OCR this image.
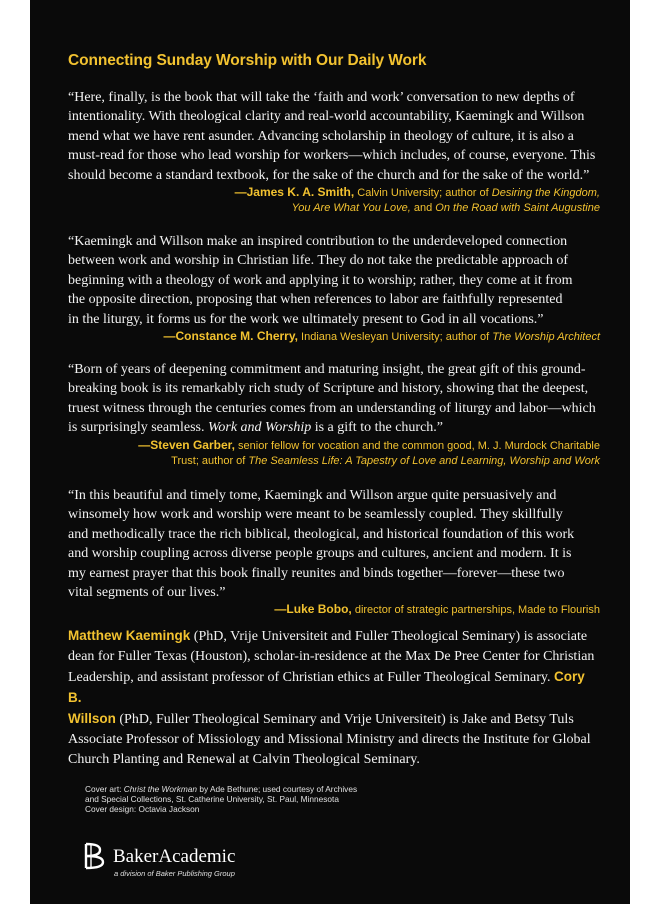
Connecting Sunday Worship with Our Daily Work

“Here, finally, is the book that will take the ‘faith and work’ conversation to new depths of

intentionality. With theological clarity and real-world accountability, Kaemingk and Willson

mend what we have rent asunder. Advancing scholarship in theology of culture, it is also a

must-read for those who lead worship for workers—which includes, of course, everyone. This

should become a standard textbook, for the sake of the church and for the sake of the world.”

—James K. A. Smith, Calvin University; author of Desiring the Kingdom,

You Are What You Love, and On the Road with Saint Augustine

“Kaemingk and Willson make an inspired contribution to the underdeveloped connection

between work and worship in Christian life. They do not take the predictable approach of

beginning with a theology of work and applying it to worship; rather, they come at it from

the opposite direction, proposing that when references to labor are faithfully represented

in the liturgy, it forms us for the work we ultimately present to God in all vocations.”

—Constance M. Cherry, Indiana Wesleyan University; author of The Worship Architect

“Born of years of deepening commitment and maturing insight, the great gift of this ground-

breaking book is its remarkably rich study of Scripture and history, showing that the deepest,

truest witness through the centuries comes from an understanding of liturgy and labor—which

is surprisingly seamless. Work and Worship is a gift to the church.”

—Steven Garber, senior fellow for vocation and the common good, M. J. Murdock Charitable

Trust; author of The Seamless Life: A Tapestry of Love and Learning, Worship and Work

“In this beautiful and timely tome, Kaemingk and Willson argue quite persuasively and

winsomely how work and worship were meant to be seamlessly coupled. They skillfully

and methodically trace the rich biblical, theological, and historical foundation of this work

and worship coupling across diverse people groups and cultures, ancient and modern. It is

my earnest prayer that this book finally reunites and binds together—forever—these two

vital segments of our lives.”

—Luke Bobo, director of strategic partnerships, Made to Flourish

Matthew Kaemingk (PhD, Vrije Universiteit and Fuller Theological Seminary) is associate
dean for Fuller Texas (Houston), scholar-in-residence at the Max De Pree Center for Christian
Leadership, and assistant professor of Christian ethics at Fuller Theological Seminary. Cory B.
Willson (PhD, Fuller Theological Seminary and Vrije Universiteit) is Jake and Betsy Tuls
Associate Professor of Missiology and Missional Ministry and directs the Institute for Global
Church Planting and Renewal at Calvin Theological Seminary.
Cover art: Christ the Workman by Ade Bethune; used courtesy of Archives
and Special Collections, St. Catherine University, St. Paul, Minnesota
Cover design: Octavia Jackson
BakerAcademic
a division of Baker Publishing Group
